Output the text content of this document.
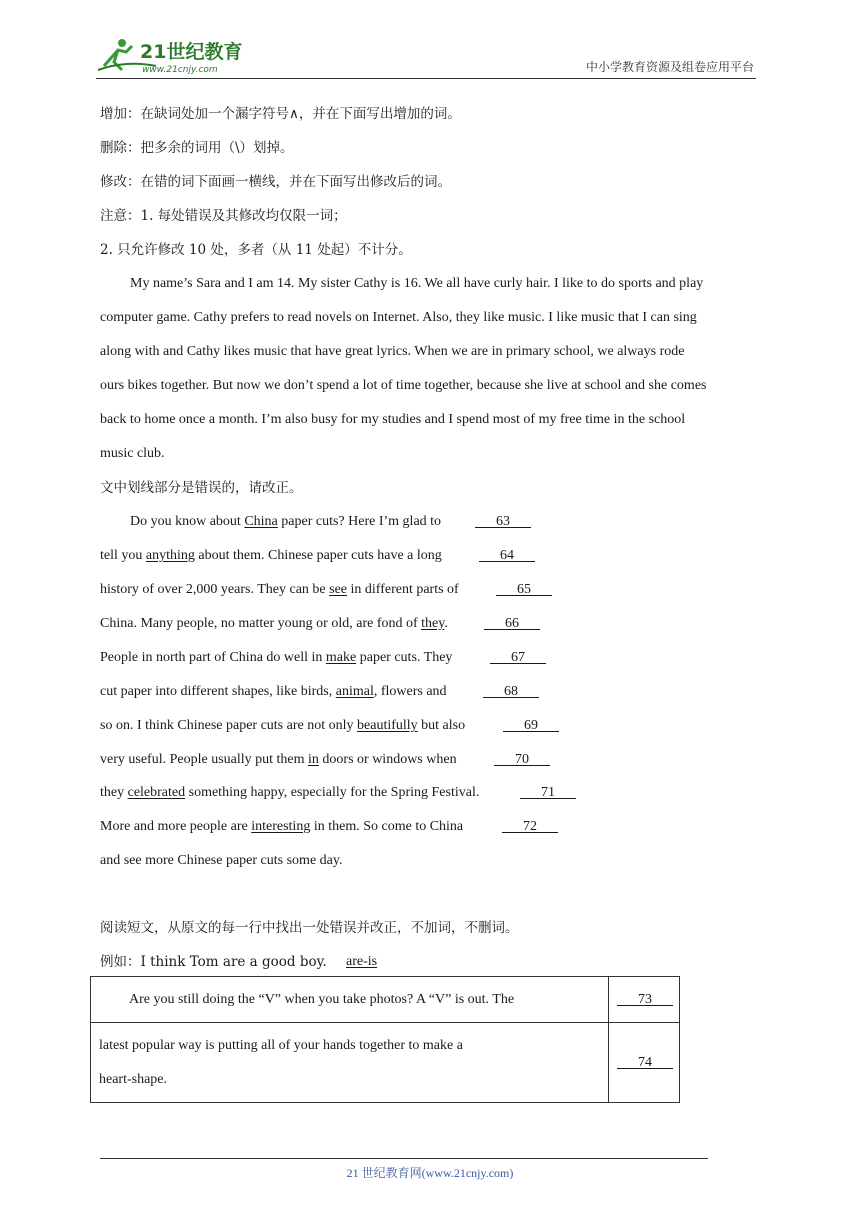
21世纪教育
www.21cnjy.com	中小学教育资源及组卷应用平台
增加：在缺词处加一个漏字符号∧，并在下面写出增加的词。
删除：把多余的词用（\）划掉。
修改：在错的词下面画一横线，并在下面写出修改后的词。
注意：1. 每处错误及其修改均仅限一词；
2. 只允许修改 10 处，多者（从 11 处起）不计分。
My name’s Sara and I am 14. My sister Cathy is 16. We all have curly hair. I like to do sports and play
computer game. Cathy prefers to read novels on Internet. Also, they like music. I like music that I can sing
along with and Cathy likes music that have great lyrics. When we are in primary school, we always rode
ours bikes together. But now we don’t spend a lot of time together, because she live at school and she comes
back to home once a month. I’m also busy for my studies and I spend most of my free time in the school
music club.
文中划线部分是错误的，请改正。
Do you know about China paper cuts? Here I’m glad to	63
tell you anything about them. Chinese paper cuts have a long	64
history of over 2,000 years. They can be see in different parts of	65
China. Many people, no matter young or old, are fond of they.	66
People in north part of China do well in make paper cuts. They	67
cut paper into different shapes, like birds, animal, flowers and	68
so on. I think Chinese paper cuts are not only beautifully but also	69
very useful. People usually put them in doors or windows when	70
they celebrated something happy, especially for the Spring Festival.	71
More and more people are interesting in them. So come to China	72
and see more Chinese paper cuts some day.
阅读短文，从原文的每一行中找出一处错误并改正，不加词，不删词。
例如：I think Tom are a good boy. are-is
Are you still doing the “V” when you take photos? A “V” is out. The	73

latest popular way is putting all of your hands together to make a
heart-shape.	74
21 世纪教育网(www.21cnjy.com)
